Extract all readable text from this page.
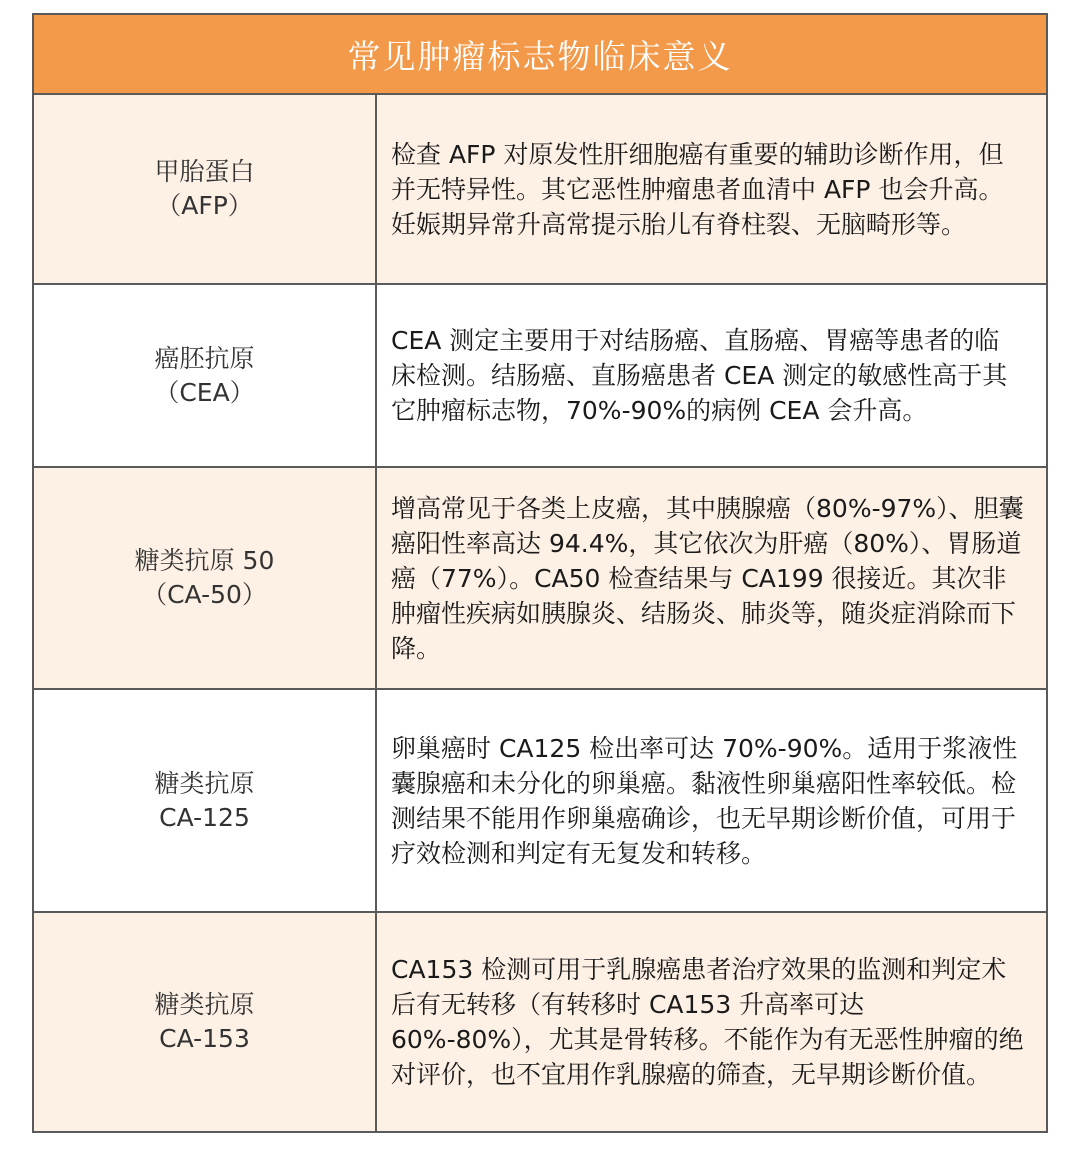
常见肿瘤标志物临床意义
甲胎蛋白
（AFP）
检查 AFP 对原发性肝细胞癌有重要的辅助诊断作用，但并无特异性。其它恶性肿瘤患者血清中 AFP 也会升高。妊娠期异常升高常提示胎儿有脊柱裂、无脑畸形等。
癌胚抗原
（CEA）
CEA 测定主要用于对结肠癌、直肠癌、胃癌等患者的临床检测。结肠癌、直肠癌患者 CEA 测定的敏感性高于其它肿瘤标志物，70%-90%的病例 CEA 会升高。
糖类抗原 50
（CA-50）
增高常见于各类上皮癌，其中胰腺癌（80%-97%）、胆囊癌阳性率高达 94.4%，其它依次为肝癌（80%）、胃肠道癌（77%）。CA50 检查结果与 CA199 很接近。其次非肿瘤性疾病如胰腺炎、结肠炎、肺炎等，随炎症消除而下降。
糖类抗原
CA-125
卵巢癌时 CA125 检出率可达 70%-90%。适用于浆液性囊腺癌和未分化的卵巢癌。黏液性卵巢癌阳性率较低。检测结果不能用作卵巢癌确诊，也无早期诊断价值，可用于疗效检测和判定有无复发和转移。
糖类抗原
CA-153
CA153 检测可用于乳腺癌患者治疗效果的监测和判定术后有无转移（有转移时 CA153 升高率可达 60%-80%），尤其是骨转移。不能作为有无恶性肿瘤的绝对评价，也不宜用作乳腺癌的筛查，无早期诊断价值。
